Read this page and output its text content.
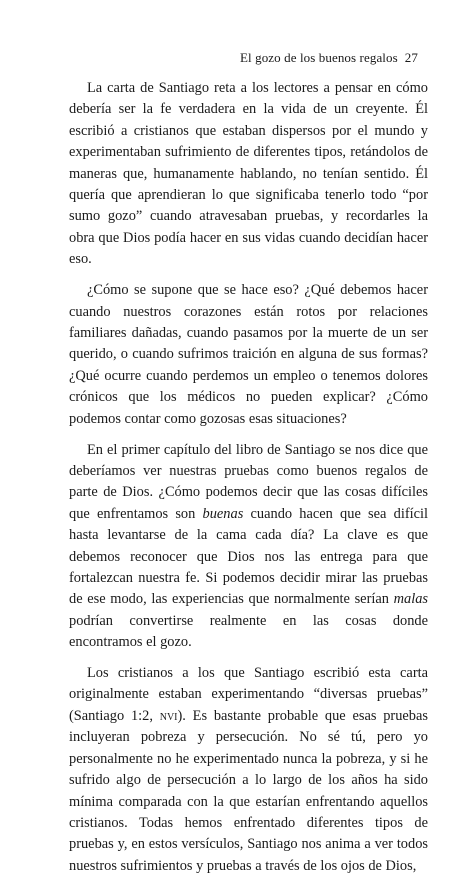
El gozo de los buenos regalos 27

La carta de Santiago reta a los lectores a pensar en cómo debería ser la fe verdadera en la vida de un creyente. Él escribió a cristianos que estaban dispersos por el mundo y experimentaban sufrimiento de diferentes tipos, retándolos de maneras que, humanamente hablando, no tenían sentido. Él quería que aprendieran lo que significaba tenerlo todo “por sumo gozo” cuando atravesaban pruebas, y recordarles la obra que Dios podía hacer en sus vidas cuando decidían hacer eso.

¿Cómo se supone que se hace eso? ¿Qué debemos hacer cuando nuestros corazones están rotos por relaciones familiares dañadas, cuando pasamos por la muerte de un ser querido, o cuando sufrimos traición en alguna de sus formas? ¿Qué ocurre cuando perdemos un empleo o tenemos dolores crónicos que los médicos no pueden explicar? ¿Cómo podemos contar como gozosas esas situaciones?

En el primer capítulo del libro de Santiago se nos dice que deberíamos ver nuestras pruebas como buenos regalos de parte de Dios. ¿Cómo podemos decir que las cosas difíciles que enfrentamos son buenas cuando hacen que sea difícil hasta levantarse de la cama cada día? La clave es que debemos reconocer que Dios nos las entrega para que fortalezcan nuestra fe. Si podemos decidir mirar las pruebas de ese modo, las experiencias que normalmente serían malas podrían convertirse realmente en las cosas donde encontramos el gozo.

Los cristianos a los que Santiago escribió esta carta originalmente estaban experimentando “diversas pruebas” (Santiago 1:2, nvi). Es bastante probable que esas pruebas incluyeran pobreza y persecución. No sé tú, pero yo personalmente no he experimentado nunca la pobreza, y si he sufrido algo de persecución a lo largo de los años ha sido mínima comparada con la que estarían enfrentando aquellos cristianos. Todas hemos enfrentado diferentes tipos de pruebas y, en estos versículos, Santiago nos anima a ver todos nuestros sufrimientos y pruebas a través de los ojos de Dios,
